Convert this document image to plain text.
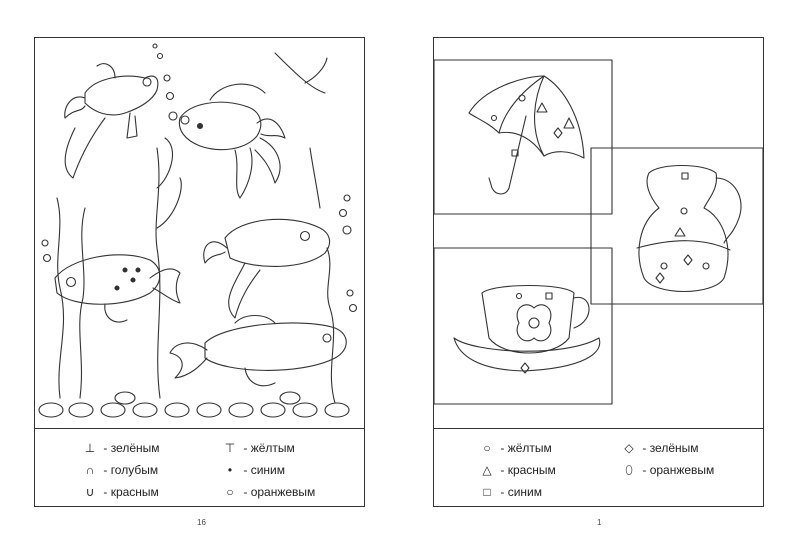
⊥ - зелёным	⊤ - жёлтым
∩ - голубым	• - синим
∪ - красным	○ - оранжевым
16
○ - жёлтым	◇ - зелёным
△ - красным	⬯ - оранжевым
□ - синим
1
